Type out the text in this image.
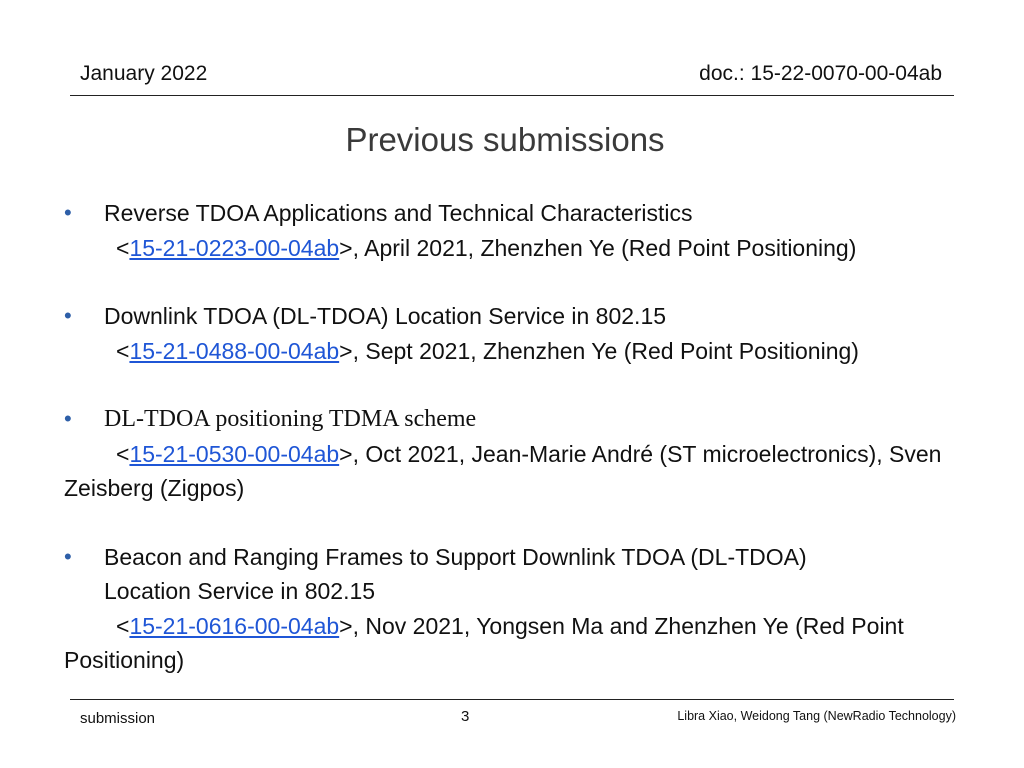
January 2022	doc.: 15-22-0070-00-04ab
Previous submissions
•	Reverse TDOA Applications and Technical Characteristics
<15-21-0223-00-04ab>, April 2021, Zhenzhen Ye (Red Point Positioning)
•	Downlink TDOA (DL-TDOA) Location Service in 802.15
<15-21-0488-00-04ab>, Sept 2021, Zhenzhen Ye (Red Point Positioning)
•	DL-TDOA positioning TDMA scheme
<15-21-0530-00-04ab>, Oct 2021, Jean-Marie André (ST microelectronics), Sven Zeisberg (Zigpos)
•	Beacon and Ranging Frames to Support Downlink TDOA (DL-TDOA)
Location Service in 802.15
<15-21-0616-00-04ab>, Nov 2021, Yongsen Ma and Zhenzhen Ye (Red Point Positioning)
submission	3	Libra Xiao, Weidong Tang (NewRadio Technology)
